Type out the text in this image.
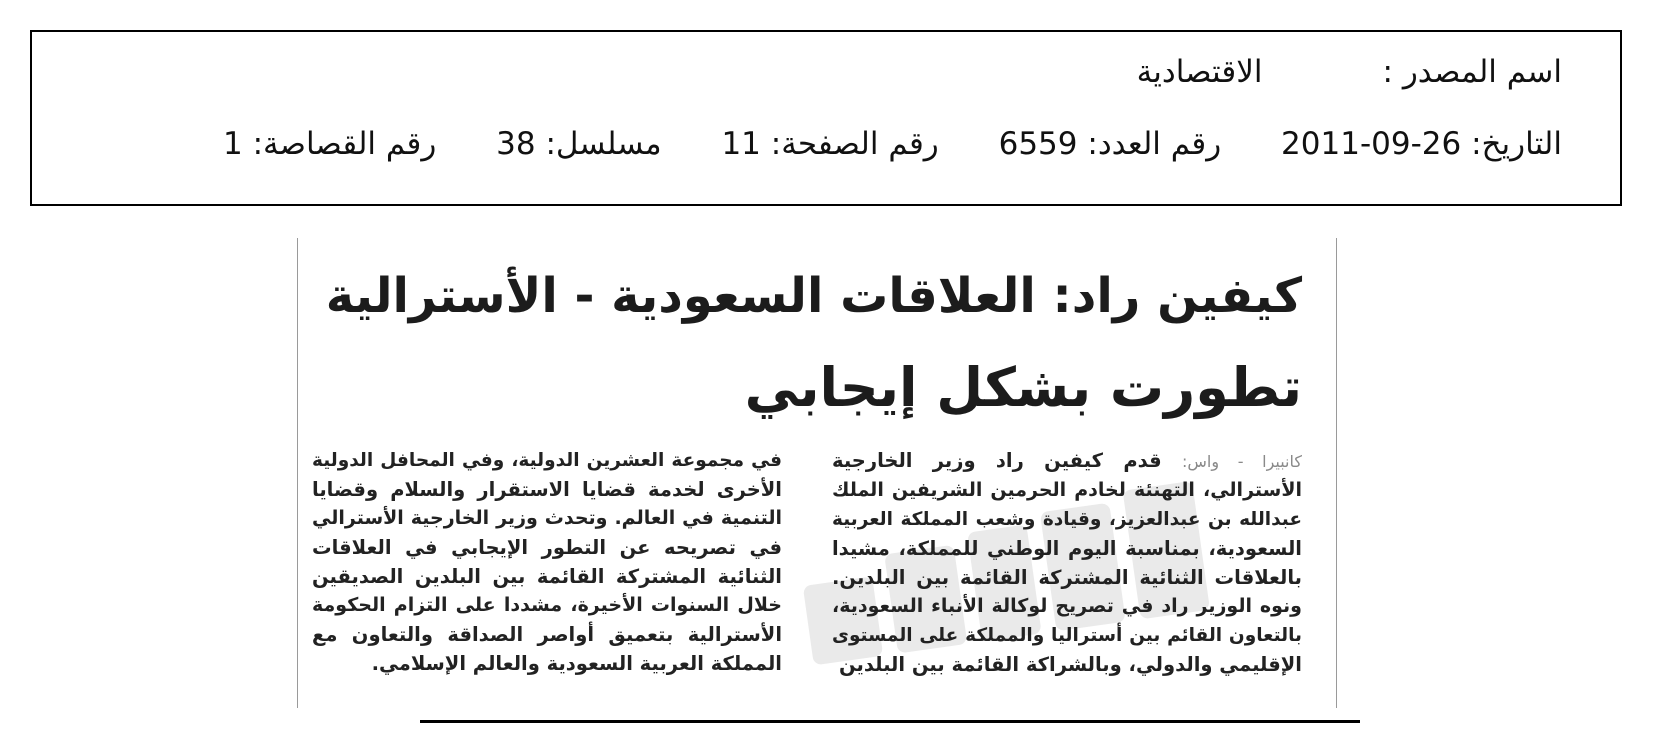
اسم المصدر :الاقتصادية
التاريخ: 2011-09-26 رقم العدد: 6559 رقم الصفحة: 11 مسلسل: 38 رقم القصاصة: 1
كيفين راد: العلاقات السعودية - الأسترالية
تطورت بشكل إيجابي
كانبيرا - واس: قدم كيفين راد وزير الخارجية
الأسترالي، التهنئة لخادم الحرمين الشريفين الملك
عبدالله بن عبدالعزيز، وقيادة وشعب المملكة العربية
السعودية، بمناسبة اليوم الوطني للمملكة، مشيدا
بالعلاقات الثنائية المشتركة القائمة بين البلدين.
ونوه الوزير راد في تصريح لوكالة الأنباء السعودية،
بالتعاون القائم بين أستراليا والمملكة على المستوى
الإقليمي والدولي، وبالشراكة القائمة بين البلدين
في مجموعة العشرين الدولية، وفي المحافل الدولية
الأخرى لخدمة قضايا الاستقرار والسلام وقضايا
التنمية في العالم. وتحدث وزير الخارجية الأسترالي
في تصريحه عن التطور الإيجابي في العلاقات
الثنائية المشتركة القائمة بين البلدين الصديقين
خلال السنوات الأخيرة، مشددا على التزام الحكومة
الأسترالية بتعميق أواصر الصداقة والتعاون مع
المملكة العربية السعودية والعالم الإسلامي.
